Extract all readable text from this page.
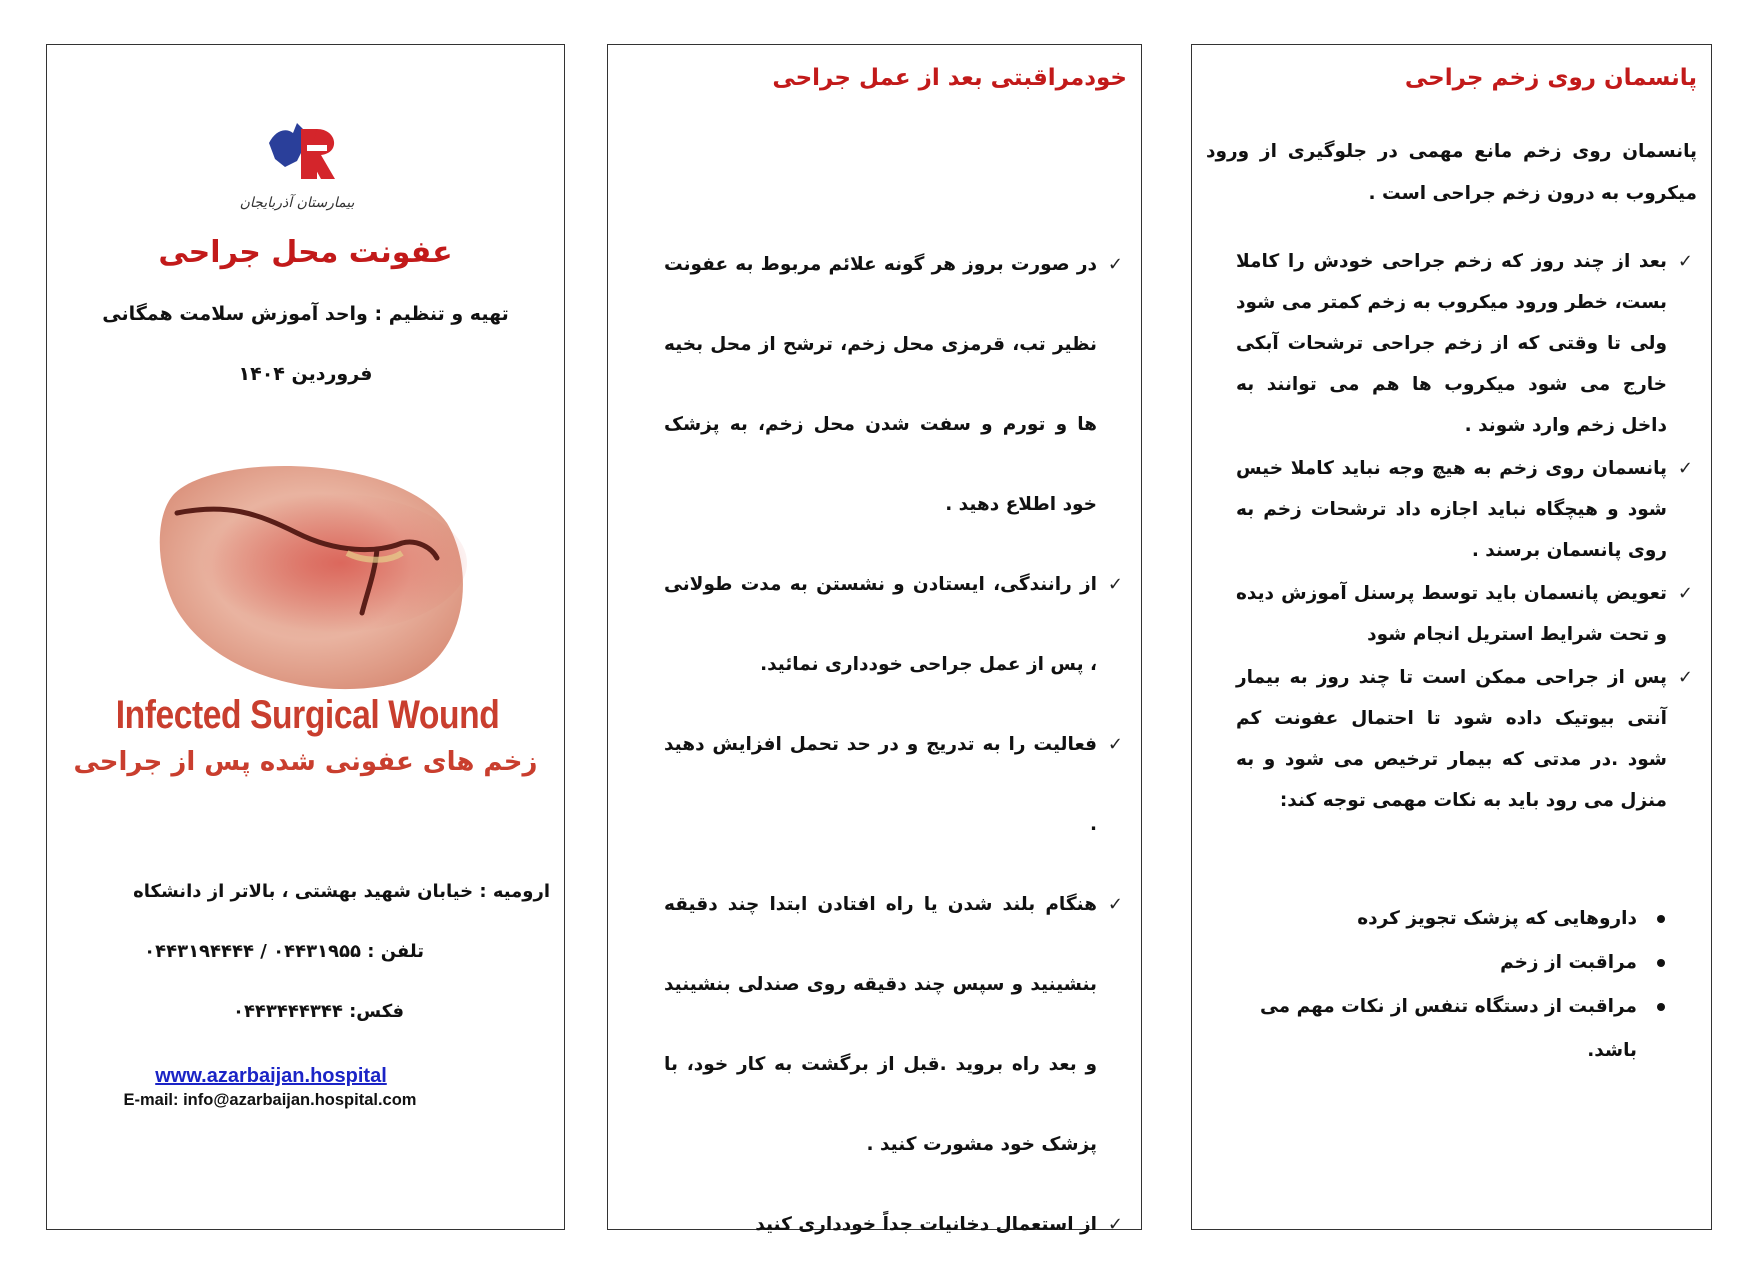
پانسمان روی زخم جراحی
پانسمان روی زخم مانع مهمی در جلوگیری از ورود میکروب به درون زخم جراحی است .
✓
بعد از چند روز که زخم جراحی خودش را کاملا بست، خطر ورود میکروب به زخم کمتر می شود ولی تا وقتی که از زخم جراحی ترشحات آبکی خارج می شود میکروب ها هم می توانند به داخل زخم وارد شوند .
✓
پانسمان روی زخم به هیچ وجه نباید کاملا خیس شود و هیچگاه نباید اجازه داد ترشحات زخم به روی پانسمان برسند .
✓
تعویض پانسمان باید توسط پرسنل آموزش دیده و تحت شرایط استریل انجام شود
✓
پس از جراحی ممکن است تا چند روز به بیمار آنتی بیوتیک داده شود تا احتمال عفونت کم شود .در مدتی که بیمار ترخیص می شود و به منزل می رود باید به نکات مهمی توجه کند:
داروهایی که پزشک تجویز کرده
مراقبت از زخم
مراقبت از دستگاه تنفس از نکات مهم می باشد.
خودمراقبتی بعد از عمل جراحی
✓
در صورت بروز هر گونه علائم مربوط به عفونت نظیر تب، قرمزی محل زخم، ترشح از محل بخیه ها و تورم و سفت شدن محل زخم، به پزشک خود اطلاع دهید .
✓
از رانندگی، ایستادن و نشستن به مدت طولانی ، پس از عمل جراحی خودداری نمائید.
✓
فعالیت را به تدریج و در حد تحمل افزایش دهید .
✓
هنگام بلند شدن یا راه افتادن ابتدا چند دقیقه بنشینید و سپس چند دقیقه روی صندلی بنشینید و بعد راه بروید .قبل از برگشت به کار خود، با پزشک خود مشورت کنید .
✓
از استعمال دخانیات جداً خودداری کنید
بیمارستان آذربایجان
عفونت محل جراحی
تهیه و تنظیم : واحد آموزش سلامت همگانی
فروردین ۱۴۰۴
Infected Surgical Wound
زخم های عفونی شده پس از جراحی
ارومیه : خیابان شهید بهشتی ، بالاتر از دانشکاه
تلفن : ۰۴۴۳۱۹۵۵ / ۰۴۴۳۱۹۴۴۴۴
فکس: ۰۴۴۳۴۴۴۳۴۴
www.azarbaijan.hospital
E-mail: info@azarbaijan.hospital.com
